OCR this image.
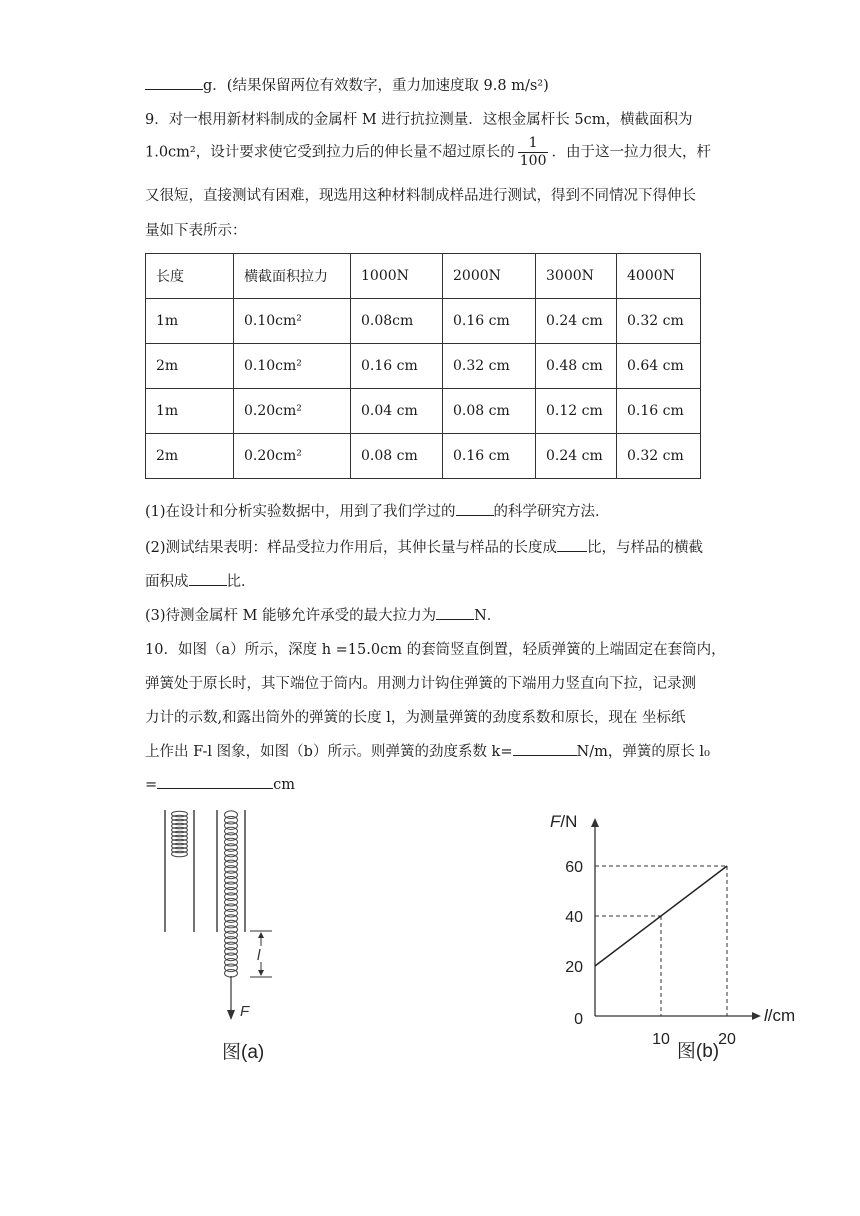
g．(结果保留两位有效数字，重力加速度取 9.8 m/s²)
9．对一根用新材料制成的金属杆 M 进行抗拉测量．这根金属杆长 5cm，横截面积为
1.0cm²，设计要求使它受到拉力后的伸长量不超过原长的 $\frac{1}{100}$ ．由于这一拉力很大，杆
又很短，直接测试有困难，现选用这种材料制成样品进行测试，得到不同情况下得伸长
量如下表所示：
长度	横截面积拉力	1000N	2000N	3000N	4000N
1m	0.10cm²	0.08cm	0.16 cm	0.24 cm	0.32 cm
2m	0.10cm²	0.16 cm	0.32 cm	0.48 cm	0.64 cm
1m	0.20cm²	0.04 cm	0.08 cm	0.12 cm	0.16 cm
2m	0.20cm²	0.08 cm	0.16 cm	0.24 cm	0.32 cm
(1)在设计和分析实验数据中，用到了我们学过的	的科学研究方法．
(2)测试结果表明：样品受拉力作用后，其伸长量与样品的长度成 比，与样品的横截
面积成	比．
(3)待测金属杆 M 能够允许承受的最大拉力为	N．
10．如图（a）所示，深度 h =15.0cm 的套筒竖直倒置，轻质弹簧的上端固定在套筒内，
弹簧处于原长时，其下端位于筒内。用测力计钩住弹簧的下端用力竖直向下拉，记录测
力计的示数,和露出筒外的弹簧的长度 l，为测量弹簧的劲度系数和原长，现在 坐标纸
上作出 F-l 图象，如图（b）所示。则弹簧的劲度系数 k=	N/m，弹簧的原长 l₀
=	cm
F
l
图(a)
20
40
60
10	20
0
F/N
l/cm
图(b)
